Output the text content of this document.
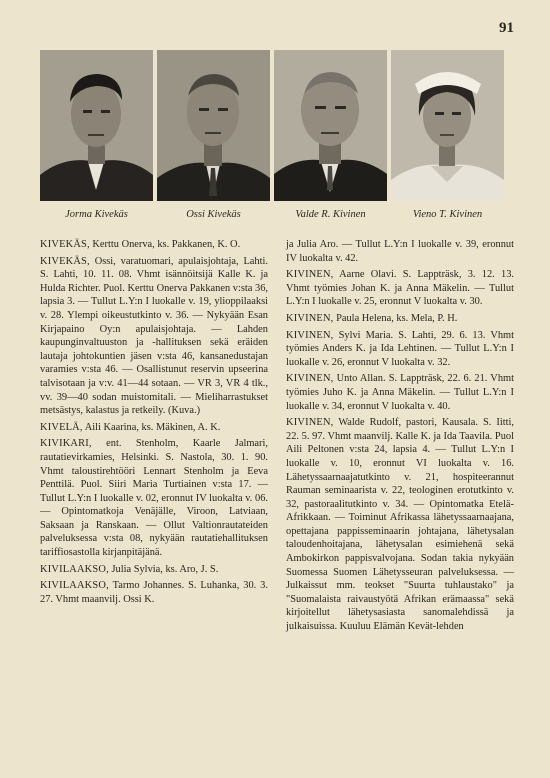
91
Jorma Kivekäs	Ossi Kivekäs	Valde R. Kivinen	Vieno T. Kivinen

KIVEKÄS, Kerttu Onerva, ks. Pakkanen, K. O.

KIVEKÄS, Ossi, varatuomari, apulaisjohtaja, Lahti. S. Lahti, 10. 11. 08. Vhmt isännöitsijä Kalle K. ja Hulda Richter. Puol. Kerttu Onerva Pakkanen v:sta 36, lapsia 3. — Tullut L.Y:n I luokalle v. 19, ylioppilaaksi v. 28. Ylempi oikeustutkinto v. 36. — Nykyään Esan Kirjapaino Oy:n apulaisjohtaja. — Lahden kaupunginvaltuuston ja -hallituksen sekä eräiden lautaja johtokuntien jäsen v:sta 46, kansanedustajan varamies v:sta 46. — Osallistunut reservin upseerina talvisotaan ja v:v. 41—44 sotaan. — VR 3, VR 4 tlk., vv. 39—40 sodan muistomitali. — Mieliharrastukset metsästys, kalastus ja retkeily. (Kuva.)

KIVELÄ, Aili Kaarina, ks. Mäkinen, A. K.

KIVIKARI, ent. Stenholm, Kaarle Jalmari, rautatievirkamies, Helsinki. S. Nastola, 30. 1. 90. Vhmt taloustirehtööri Lennart Stenholm ja Eeva Penttilä. Puol. Siiri Maria Turtiainen v:sta 17. — Tullut L.Y:n I luokalle v. 02, eronnut IV luokalta v. 06. — Opintomatkoja Venäjälle, Viroon, Latviaan, Saksaan ja Ranskaan. — Ollut Valtionrautateiden palveluksessa v:sta 08, nykyään rautatiehallituksen tariffiosastolla kirjanpitäjänä.

KIVILAAKSO, Julia Sylvia, ks. Aro, J. S.

KIVILAAKSO, Tarmo Johannes. S. Luhanka, 30. 3. 27. Vhmt maanvilj. Ossi K.

ja Julia Aro. — Tullut L.Y:n I luokalle v. 39, eronnut IV luokalta v. 42.

KIVINEN, Aarne Olavi. S. Lappträsk, 3. 12. 13. Vhmt työmies Johan K. ja Anna Mäkelin. — Tullut L.Y:n I luokalle v. 25, eronnut V luokalta v. 30.

KIVINEN, Paula Helena, ks. Mela, P. H.

KIVINEN, Sylvi Maria. S. Lahti, 29. 6. 13. Vhmt työmies Anders K. ja Ida Lehtinen. — Tullut L.Y:n I luokalle v. 26, eronnut V luokalta v. 32.

KIVINEN, Unto Allan. S. Lappträsk, 22. 6. 21. Vhmt työmies Juho K. ja Anna Mäkelin. — Tullut L.Y:n I luokalle v. 34, eronnut V luokalta v. 40.

KIVINEN, Walde Rudolf, pastori, Kausala. S. Iitti, 22. 5. 97. Vhmt maanvilj. Kalle K. ja Ida Taavila. Puol Aili Peltonen v:sta 24, lapsia 4. — Tullut L.Y:n I luokalle v. 10, eronnut VI luokalta v. 16. Lähetyssaarnaajatutkinto v. 21, hospiteerannut Rauman seminaarista v. 22, teologinen erotutkinto v. 32, pastoraalitutkinto v. 34. — Opintomatka Etelä-Afrikkaan. — Toiminut Afrikassa lähetyssaarnaajana, opettajana pappisseminaarin johtajana, lähetysalan taloudenhoitajana, lähetysalan esimiehenä sekä Ambokirkon pappisvalvojana. Sodan takia nykyään Suomessa Suomen Lähetysseuran palveluksessa. — Julkaissut mm. teokset "Suurta tuhlaustako" ja "Suomalaista raivaustyötä Afrikan erämaassa" sekä kirjoitellut lähetysasiasta sanomalehdissä ja julkaisuissa. Kuuluu Elämän Kevät-lehden
